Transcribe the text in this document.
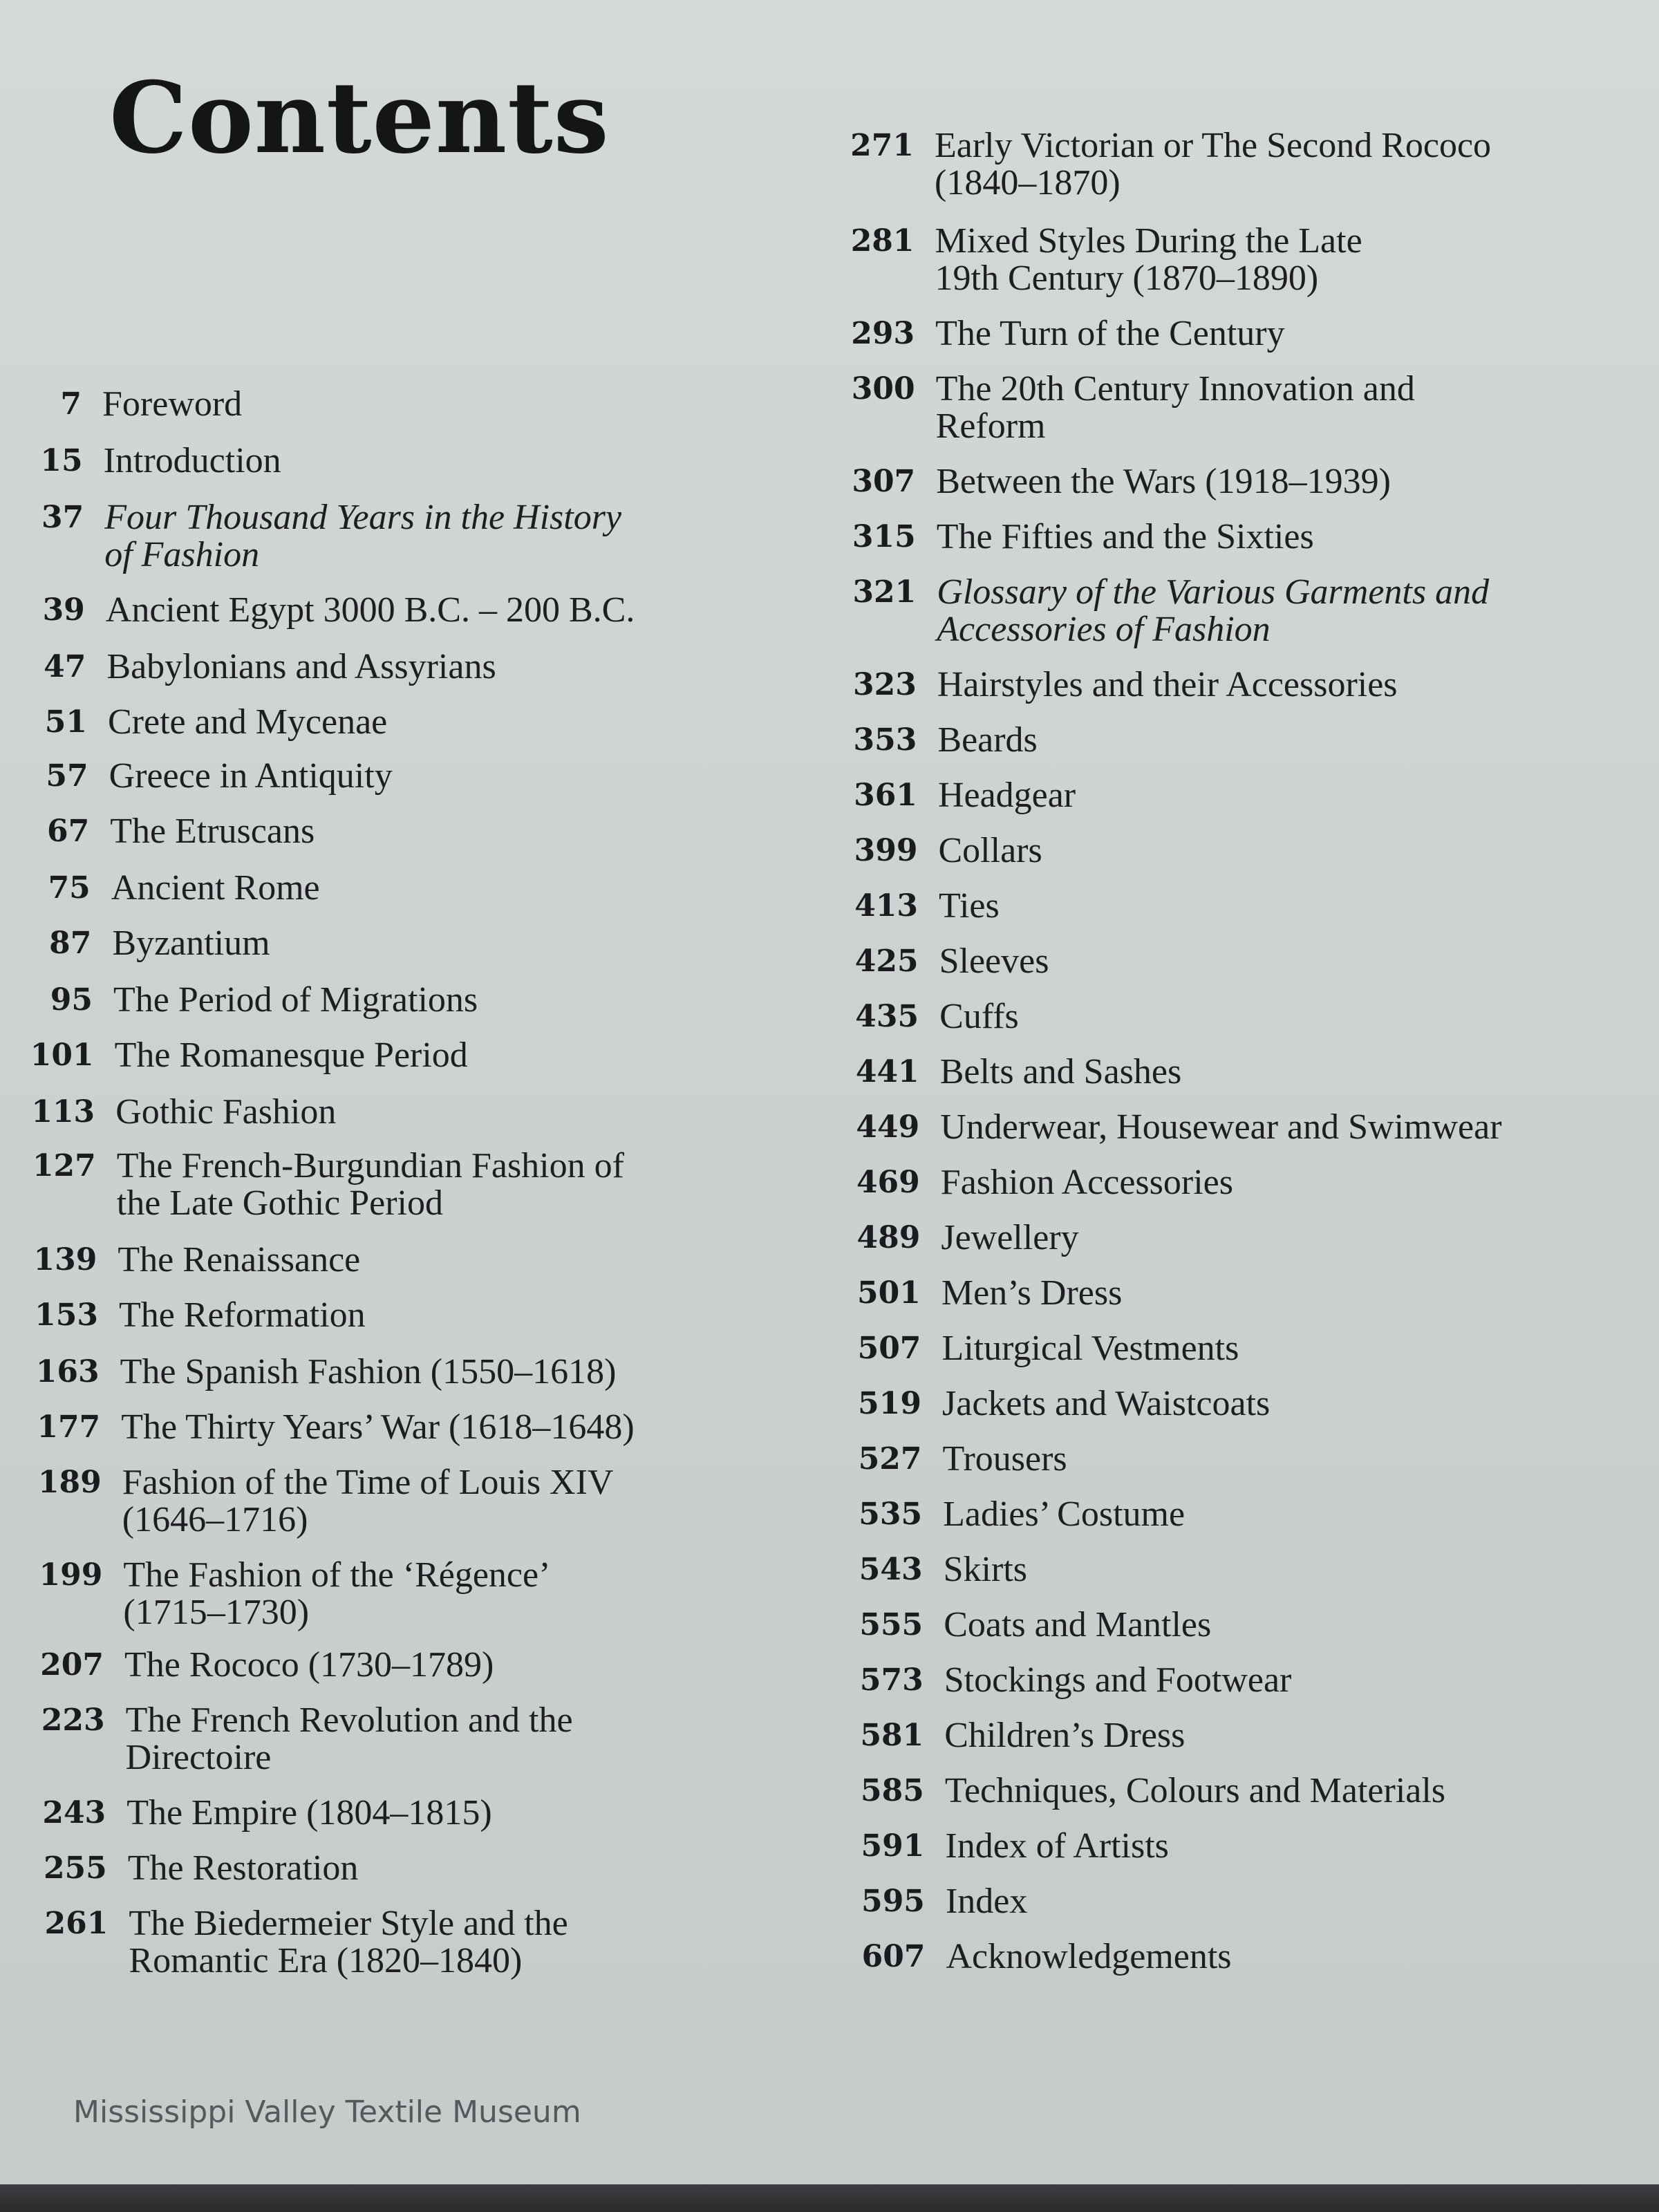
Contents
7 Foreword
15 Introduction
37 Four Thousand Years in the History
of Fashion
39 Ancient Egypt 3000 B.C. – 200 B.C.
47 Babylonians and Assyrians
51 Crete and Mycenae
57 Greece in Antiquity
67 The Etruscans
75 Ancient Rome
87 Byzantium
95 The Period of Migrations
101 The Romanesque Period
113 Gothic Fashion
127 The French-Burgundian Fashion of
the Late Gothic Period
139 The Renaissance
153 The Reformation
163 The Spanish Fashion (1550–1618)
177 The Thirty Years’ War (1618–1648)
189 Fashion of the Time of Louis XIV
(1646–1716)
199 The Fashion of the ‘Régence’
(1715–1730)
207 The Rococo (1730–1789)
223 The French Revolution and the
Directoire
243 The Empire (1804–1815)
255 The Restoration
261 The Biedermeier Style and the
Romantic Era (1820–1840)
271 Early Victorian or The Second Rococo
(1840–1870)
281 Mixed Styles During the Late
19th Century (1870–1890)
293 The Turn of the Century
300 The 20th Century Innovation and
Reform
307 Between the Wars (1918–1939)
315 The Fifties and the Sixties
321 Glossary of the Various Garments and
Accessories of Fashion
323 Hairstyles and their Accessories
353 Beards
361 Headgear
399 Collars
413 Ties
425 Sleeves
435 Cuffs
441 Belts and Sashes
449 Underwear, Housewear and Swimwear
469 Fashion Accessories
489 Jewellery
501 Men’s Dress
507 Liturgical Vestments
519 Jackets and Waistcoats
527 Trousers
535 Ladies’ Costume
543 Skirts
555 Coats and Mantles
573 Stockings and Footwear
581 Children’s Dress
585 Techniques, Colours and Materials
591 Index of Artists
595 Index
607 Acknowledgements
Mississippi Valley Textile Museum
